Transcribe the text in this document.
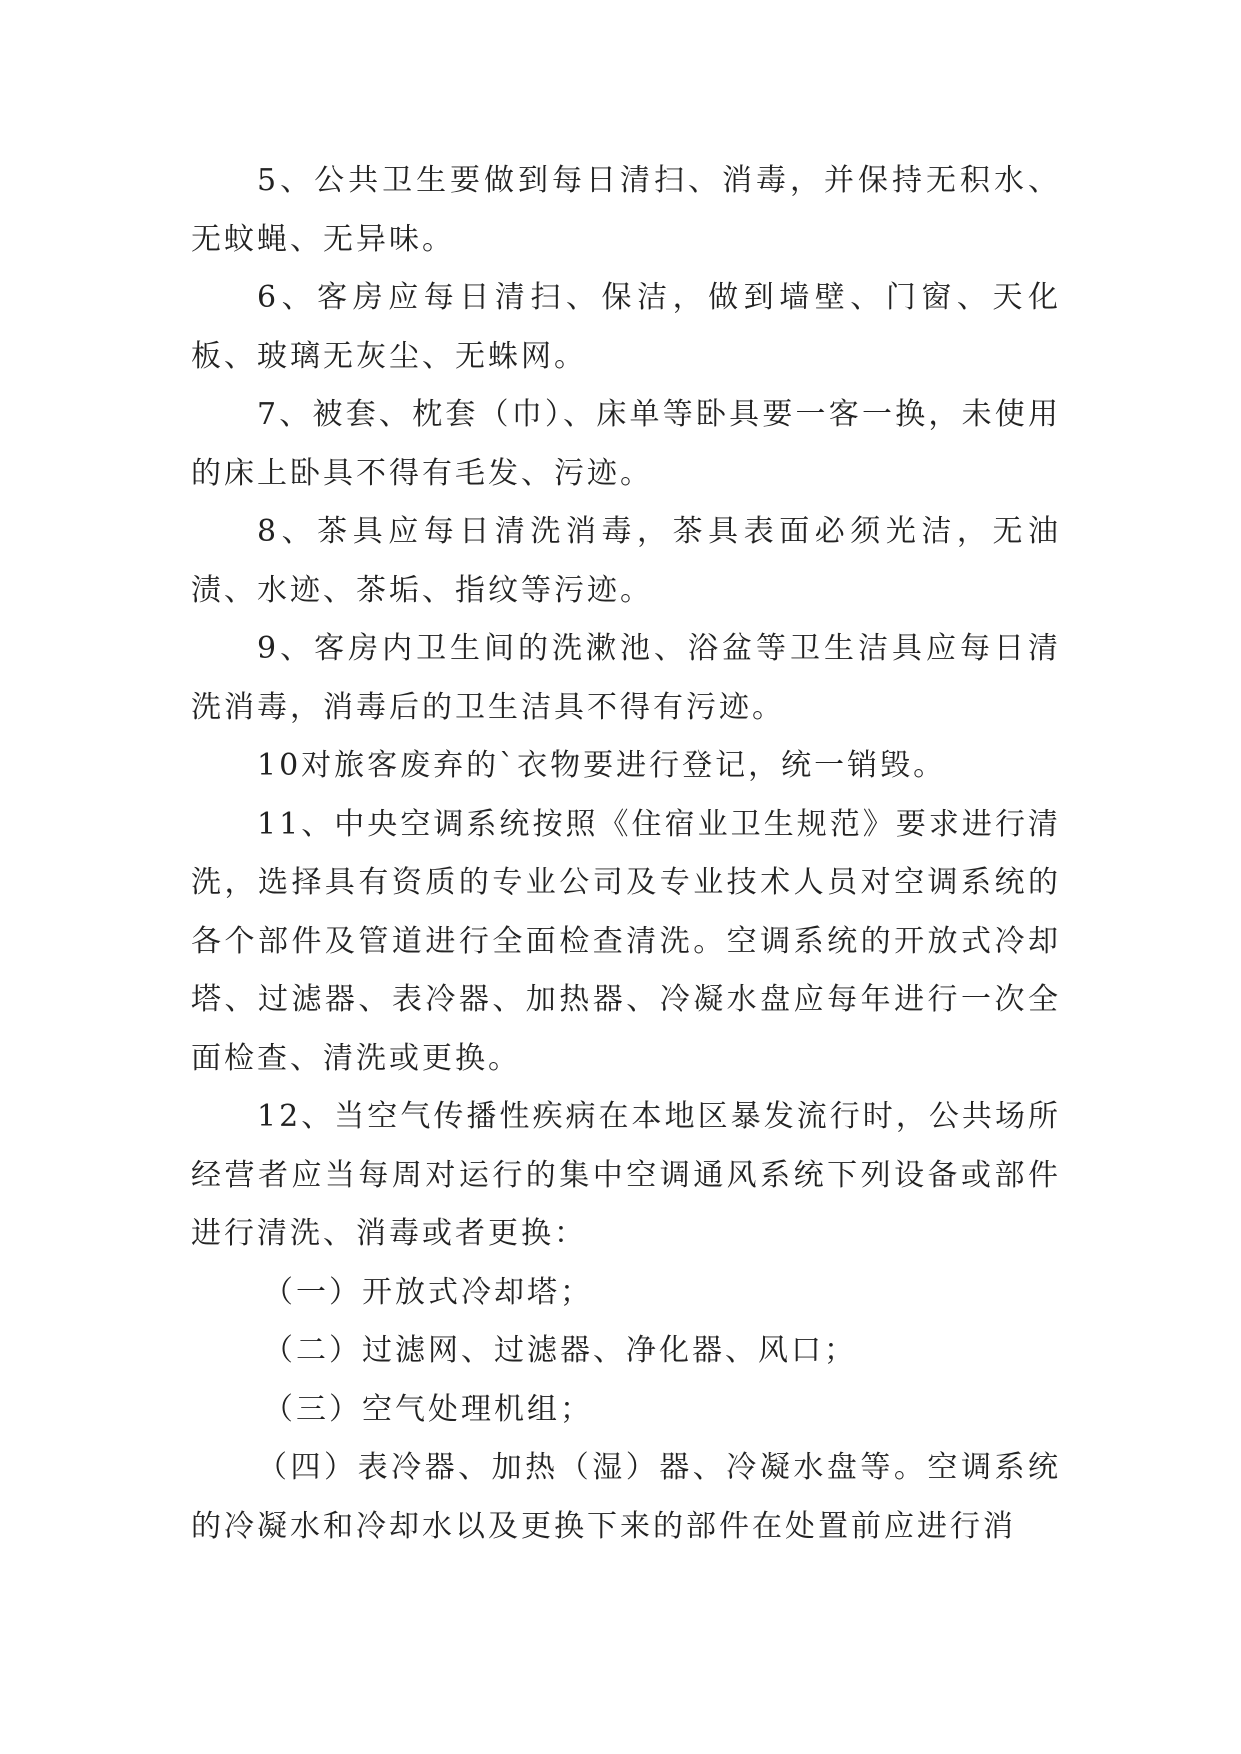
5、公共卫生要做到每日清扫、消毒，并保持无积水、无蚊蝇、无异味。

6、客房应每日清扫、保洁，做到墙壁、门窗、天化板、玻璃无灰尘、无蛛网。

7、被套、枕套（巾）、床单等卧具要一客一换，未使用的床上卧具不得有毛发、污迹。

8、茶具应每日清洗消毒，茶具表面必须光洁，无油渍、水迹、茶垢、指纹等污迹。

9、客房内卫生间的洗漱池、浴盆等卫生洁具应每日清洗消毒，消毒后的卫生洁具不得有污迹。

10对旅客废弃的`衣物要进行登记，统一销毁。

11、中央空调系统按照《住宿业卫生规范》要求进行清洗，选择具有资质的专业公司及专业技术人员对空调系统的各个部件及管道进行全面检查清洗。空调系统的开放式冷却塔、过滤器、表冷器、加热器、冷凝水盘应每年进行一次全面检查、清洗或更换。

12、当空气传播性疾病在本地区暴发流行时，公共场所经营者应当每周对运行的集中空调通风系统下列设备或部件进行清洗、消毒或者更换：

（一）开放式冷却塔；

（二）过滤网、过滤器、净化器、风口；

（三）空气处理机组；

（四）表冷器、加热（湿）器、冷凝水盘等。空调系统的冷凝水和冷却水以及更换下来的部件在处置前应进行消
